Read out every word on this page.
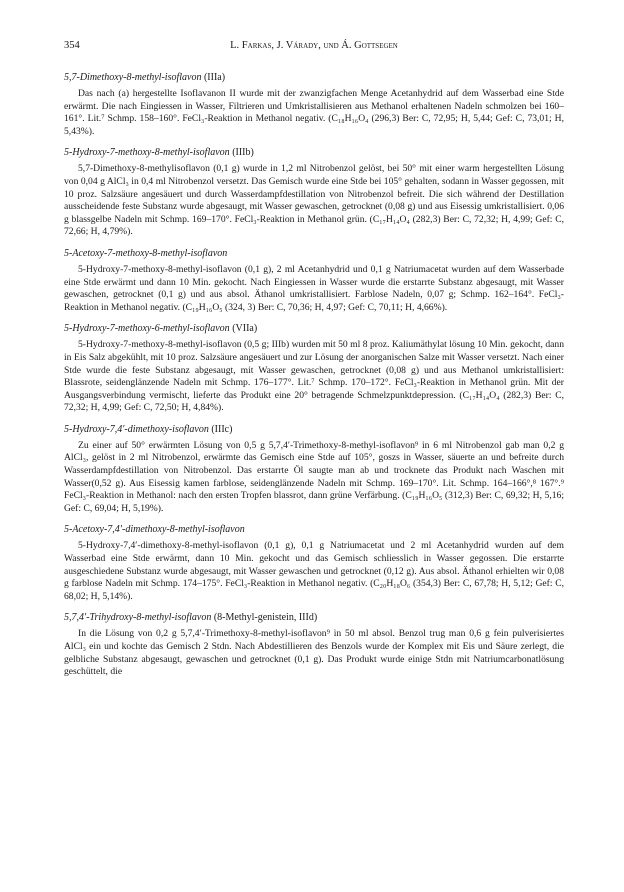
354	L. Farkas, J. Várady, und Á. Gottsegen

5,7-Dimethoxy-8-methyl-isoflavon (IIIa)

Das nach (a) hergestellte Isoflavanon II wurde mit der zwanzigfachen Menge Acetanhydrid auf dem Wasserbad eine Stde erwärmt. Die nach Eingiessen in Wasser, Filtrieren und Umkristallisieren aus Methanol erhaltenen Nadeln schmolzen bei 160–161°. Lit.⁷ Schmp. 158–160°. FeCl₃-Reaktion in Methanol negativ. (C₁₈H₁₆O₄ (296,3) Ber: C, 72,95; H, 5,44; Gef: C, 73,01; H, 5,43%).

5-Hydroxy-7-methoxy-8-methyl-isoflavon (IIIb)

5,7-Dimethoxy-8-methylisoflavon (0,1 g) wurde in 1,2 ml Nitrobenzol gelöst, bei 50° mit einer warm hergestellten Lösung von 0,04 g AlCl₃ in 0,4 ml Nitrobenzol versetzt. Das Gemisch wurde eine Stde bei 105° gehalten, sodann in Wasser gegossen, mit 10 proz. Salzsäure angesäuert und durch Wasserdampfdestillation von Nitrobenzol befreit. Die sich während der Destillation ausscheidende feste Substanz wurde abgesaugt, mit Wasser gewaschen, getrocknet (0,08 g) und aus Eisessig umkristallisiert. 0,06 g blassgelbe Nadeln mit Schmp. 169–170°. FeCl₃-Reaktion in Methanol grün. (C₁₇H₁₄O₄ (282,3) Ber: C, 72,32; H, 4,99; Gef: C, 72,66; H, 4,79%).

5-Acetoxy-7-methoxy-8-methyl-isoflavon

5-Hydroxy-7-methoxy-8-methyl-isoflavon (0,1 g), 2 ml Acetanhydrid und 0,1 g Natriumacetat wurden auf dem Wasserbade eine Stde erwärmt und dann 10 Min. gekocht. Nach Eingiessen in Wasser wurde die erstarrte Substanz abgesaugt, mit Wasser gewaschen, getrocknet (0,1 g) und aus absol. Äthanol umkristallisiert. Farblose Nadeln, 0,07 g; Schmp. 162–164°. FeCl₃-Reaktion in Methanol negativ. (C₁₉H₁₆O₅ (324, 3) Ber: C, 70,36; H, 4,97; Gef: C, 70,11; H, 4,66%).

5-Hydroxy-7-methoxy-6-methyl-isoflavon (VIIa)

5-Hydroxy-7-methoxy-8-methyl-isoflavon (0,5 g; IIIb) wurden mit 50 ml 8 proz. Kaliumäthylat lösung 10 Min. gekocht, dann in Eis Salz abgekühlt, mit 10 proz. Salzsäure angesäuert und zur Lösung der anorganischen Salze mit Wasser versetzt. Nach einer Stde wurde die feste Substanz abgesaugt, mit Wasser gewaschen, getrocknet (0,08 g) und aus Methanol umkristallisiert: Blassrote, seidenglänzende Nadeln mit Schmp. 176–177°. Lit.⁷ Schmp. 170–172°. FeCl₃-Reaktion in Methanol grün. Mit der Ausgangsverbindung vermischt, lieferte das Produkt eine 20° betragende Schmelzpunktdepression. (C₁₇H₁₄O₄ (282,3) Ber: C, 72,32; H, 4,99; Gef: C, 72,50; H, 4,84%).

5-Hydroxy-7,4′-dimethoxy-isoflavon (IIIc)

Zu einer auf 50° erwärmten Lösung von 0,5 g 5,7,4′-Trimethoxy-8-methyl-isoflavon⁹ in 6 ml Nitrobenzol gab man 0,2 g AlCl₃, gelöst in 2 ml Nitrobenzol, erwärmte das Gemisch eine Stde auf 105°, goszs in Wasser, säuerte an und befreite durch Wasserdampfdestillation von Nitrobenzol. Das erstarrte Öl saugte man ab und trocknete das Produkt nach Waschen mit Wasser(0,52 g). Aus Eisessig kamen farblose, seidenglänzende Nadeln mit Schmp. 169–170°. Lit. Schmp. 164–166°,⁸ 167°.⁹ FeCl₃-Reaktion in Methanol: nach den ersten Tropfen blassrot, dann grüne Verfärbung. (C₁₉H₁₆O₅ (312,3) Ber: C, 69,32; H, 5,16; Gef: C, 69,04; H, 5,19%).

5-Acetoxy-7,4′-dimethoxy-8-methyl-isoflavon

5-Hydroxy-7,4′-dimethoxy-8-methyl-isoflavon (0,1 g), 0,1 g Natriumacetat und 2 ml Acetanhydrid wurden auf dem Wasserbad eine Stde erwärmt, dann 10 Min. gekocht und das Gemisch schliesslich in Wasser gegossen. Die erstarrte ausgeschiedene Substanz wurde abgesaugt, mit Wasser gewaschen und getrocknet (0,12 g). Aus absol. Äthanol erhielten wir 0,08 g farblose Nadeln mit Schmp. 174–175°. FeCl₃-Reaktion in Methanol negativ. (C₂₀H₁₈O₆ (354,3) Ber: C, 67,78; H, 5,12; Gef: C, 68,02; H, 5,14%).

5,7,4′-Trihydroxy-8-methyl-isoflavon (8-Methyl-genistein, IIId)

In die Lösung von 0,2 g 5,7,4′-Trimethoxy-8-methyl-isoflavon⁹ in 50 ml absol. Benzol trug man 0,6 g fein pulverisiertes AlCl₃ ein und kochte das Gemisch 2 Stdn. Nach Abdestillieren des Benzols wurde der Komplex mit Eis und Säure zerlegt, die gelbliche Substanz abgesaugt, gewaschen und getrocknet (0,1 g). Das Produkt wurde einige Stdn mit Natriumcarbonatlösung geschüttelt, die
